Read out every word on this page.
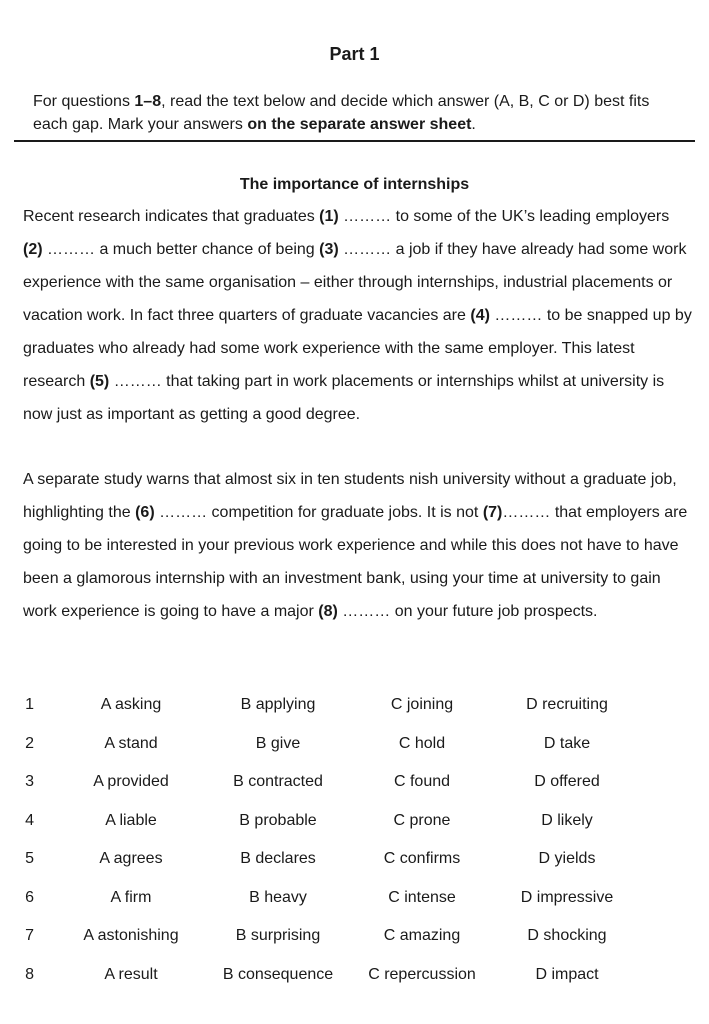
Part 1
For questions 1–8, read the text below and decide which answer (A, B, C or D) best fits each gap. Mark your answers on the separate answer sheet.
The importance of internships
Recent research indicates that graduates (1) ……… to some of the UK’s leading employers (2) ……… a much better chance of being (3) ……… a job if they have already had some work experience with the same organisation – either through internships, industrial placements or vacation work. In fact three quarters of graduate vacancies are (4) ……… to be snapped up by graduates who already had some work experience with the same employer. This latest research (5) ……… that taking part in work placements or internships whilst at university is now just as important as getting a good degree.
A separate study warns that almost six in ten students nish university without a graduate job, highlighting the (6) ……… competition for graduate jobs. It is not (7)……… that employers are going to be interested in your previous work experience and while this does not have to have been a glamorous internship with an investment bank, using your time at university to gain work experience is going to have a major (8) ……… on your future job prospects.
1		A asking	B applying	C joining	D recruiting
2		A stand	B give	C hold	D take
3		A provided	B contracted	C found	D offered
4		A liable	B probable	C prone	D likely
5		A agrees	B declares	C confirms	D yields
6		A firm	B heavy	C intense	D impressive
7		A astonishing	B surprising	C amazing	D shocking
8		A result	B consequence	C repercussion	D impact
